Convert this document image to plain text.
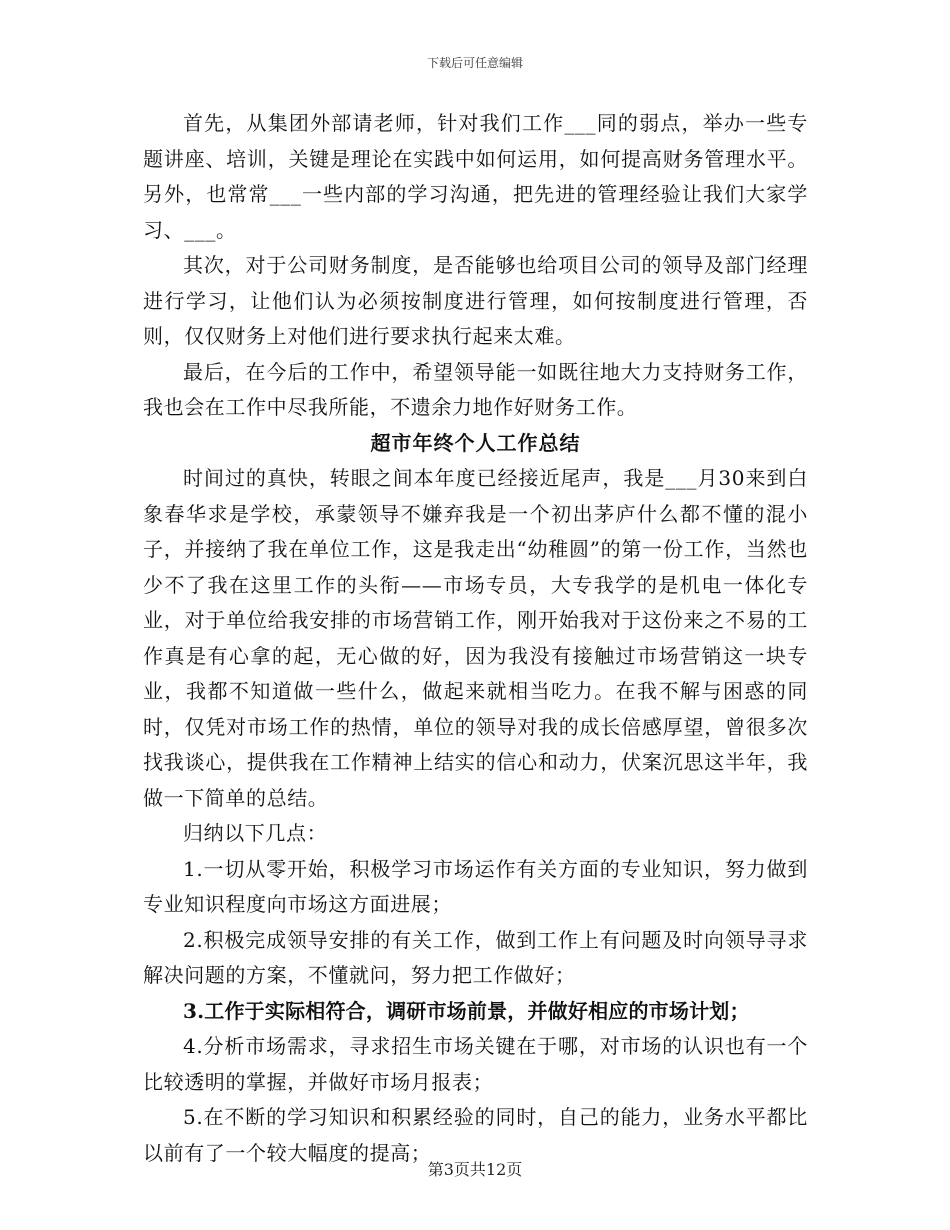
下载后可任意编辑

首先，从集团外部请老师，针对我们工作___同的弱点，举办一些专题讲座、培训，关键是理论在实践中如何运用，如何提高财务管理水平。另外，也常常___一些内部的学习沟通，把先进的管理经验让我们大家学习、___。

其次，对于公司财务制度，是否能够也给项目公司的领导及部门经理进行学习，让他们认为必须按制度进行管理，如何按制度进行管理，否则，仅仅财务上对他们进行要求执行起来太难。

最后，在今后的工作中，希望领导能一如既往地大力支持财务工作，我也会在工作中尽我所能，不遗余力地作好财务工作。

超市年终个人工作总结

时间过的真快，转眼之间本年度已经接近尾声，我是___月30来到白象春华求是学校，承蒙领导不嫌弃我是一个初出茅庐什么都不懂的混小子，并接纳了我在单位工作，这是我走出“幼稚圆”的第一份工作，当然也少不了我在这里工作的头衔——市场专员，大专我学的是机电一体化专业，对于单位给我安排的市场营销工作，刚开始我对于这份来之不易的工作真是有心拿的起，无心做的好，因为我没有接触过市场营销这一块专业，我都不知道做一些什么，做起来就相当吃力。在我不解与困惑的同时，仅凭对市场工作的热情，单位的领导对我的成长倍感厚望，曾很多次找我谈心，提供我在工作精神上结实的信心和动力，伏案沉思这半年，我做一下简单的总结。

归纳以下几点：

1.一切从零开始，积极学习市场运作有关方面的专业知识，努力做到专业知识程度向市场这方面进展；

2.积极完成领导安排的有关工作，做到工作上有问题及时向领导寻求解决问题的方案，不懂就问，努力把工作做好；

3.工作于实际相符合，调研市场前景，并做好相应的市场计划；

4.分析市场需求，寻求招生市场关键在于哪，对市场的认识也有一个比较透明的掌握，并做好市场月报表；

5.在不断的学习知识和积累经验的同时，自己的能力，业务水平都比以前有了一个较大幅度的提高；

第3页共12页
